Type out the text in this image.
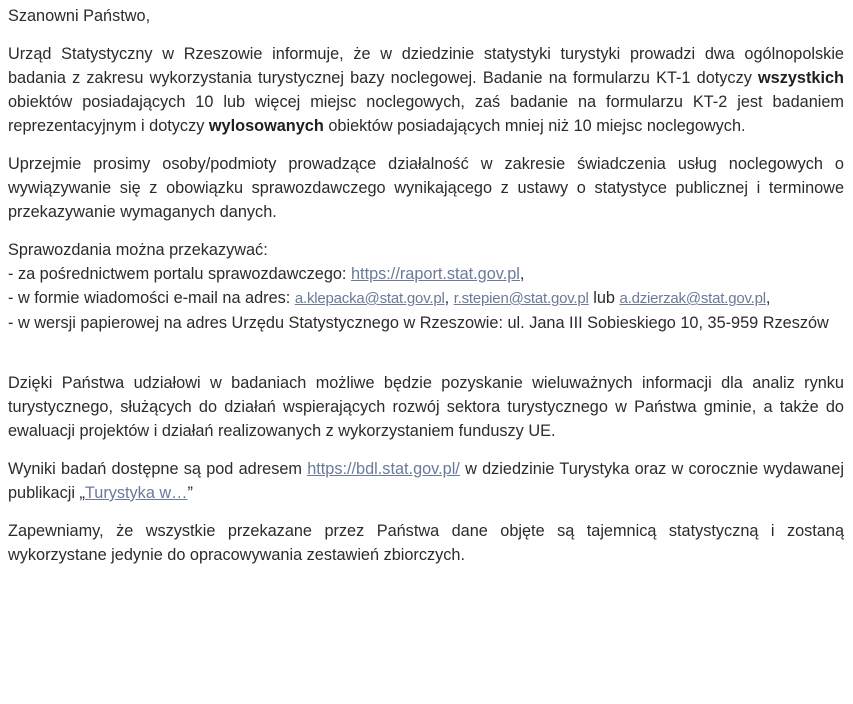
Szanowni Państwo,

Urząd Statystyczny w Rzeszowie informuje, że w dziedzinie statystyki turystyki prowadzi dwa ogólnopolskie badania z zakresu wykorzystania turystycznej bazy noclegowej. Badanie na formularzu KT-1 dotyczy wszystkich obiektów posiadających 10 lub więcej miejsc noclegowych, zaś badanie na formularzu KT-2 jest badaniem reprezentacyjnym i dotyczy wylosowanych obiektów posiadających mniej niż 10 miejsc noclegowych.

Uprzejmie prosimy osoby/podmioty prowadzące działalność w zakresie świadczenia usług noclegowych o wywiązywanie się z obowiązku sprawozdawczego wynikającego z ustawy o statystyce publicznej i terminowe przekazywanie wymaganych danych.

Sprawozdania można przekazywać:

- za pośrednictwem portalu sprawozdawczego: https://raport.stat.gov.pl,
- w formie wiadomości e-mail na adres: a.klepacka@stat.gov.pl, r.stepien@stat.gov.pl lub a.dzierzak@stat.gov.pl,
- w wersji papierowej na adres Urzędu Statystycznego w Rzeszowie: ul. Jana III Sobieskiego 10, 35-959 Rzeszów

Dzięki Państwa udziałowi w badaniach możliwe będzie pozyskanie wieluważnych informacji dla analiz rynku turystycznego, służących do działań wspierających rozwój sektora turystycznego w Państwa gminie, a także do ewaluacji projektów i działań realizowanych z wykorzystaniem funduszy UE.

Wyniki badań dostępne są pod adresem https://bdl.stat.gov.pl/ w dziedzinie Turystyka oraz w corocznie wydawanej publikacji „Turystyka w…”

Zapewniamy, że wszystkie przekazane przez Państwa dane objęte są tajemnicą statystyczną i zostaną wykorzystane jedynie do opracowywania zestawień zbiorczych.
